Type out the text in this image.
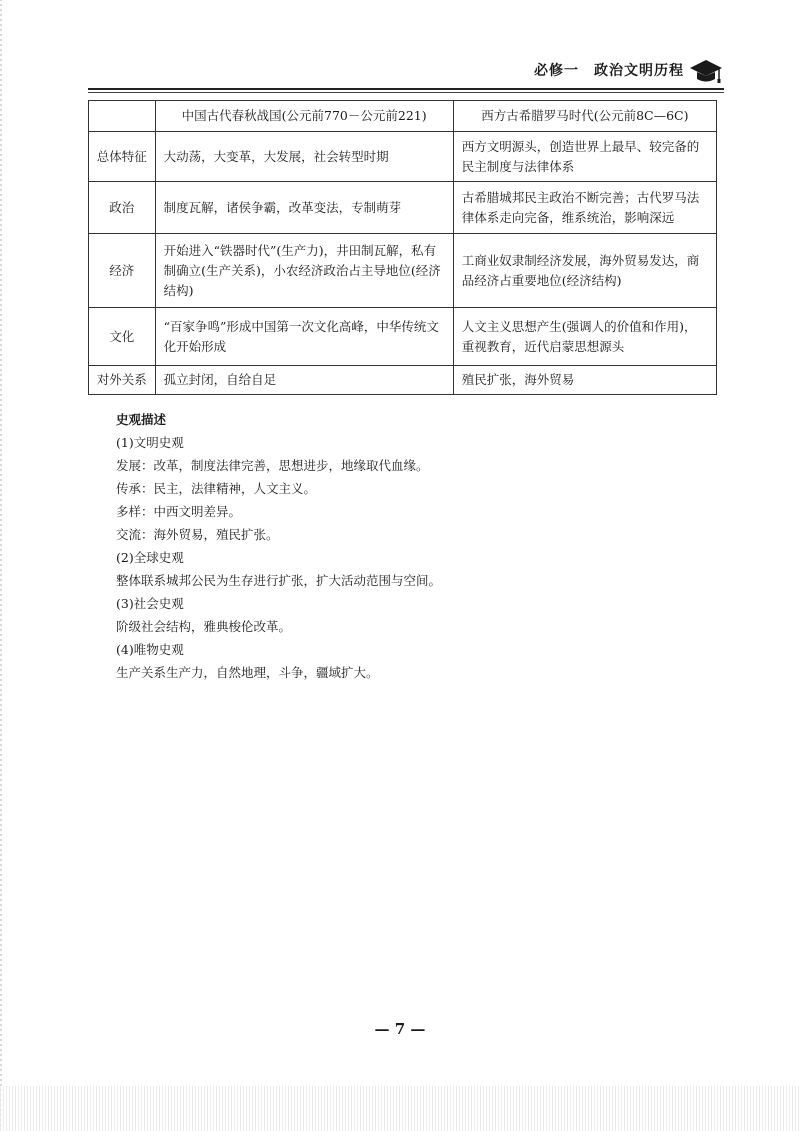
必修一　政治文明历程
	中国古代春秋战国(公元前770－公元前221)	西方古希腊罗马时代(公元前8C—6C)
总体特征	大动荡，大变革，大发展，社会转型时期	西方文明源头，创造世界上最早、较完备的民主制度与法律体系
政治	制度瓦解，诸侯争霸，改革变法，专制萌芽	古希腊城邦民主政治不断完善；古代罗马法律体系走向完备，维系统治，影响深远
经济	开始进入“铁器时代”(生产力)，井田制瓦解，私有制确立(生产关系)，小农经济政治占主导地位(经济结构)	工商业奴隶制经济发展，海外贸易发达，商品经济占重要地位(经济结构)
文化	“百家争鸣”形成中国第一次文化高峰，中华传统文化开始形成	人文主义思想产生(强调人的价值和作用)，重视教育，近代启蒙思想源头
对外关系	孤立封闭，自给自足	殖民扩张，海外贸易

史观描述

(1)文明史观

发展：改革，制度法律完善，思想进步，地缘取代血缘。

传承：民主，法律精神，人文主义。

多样：中西文明差异。

交流：海外贸易，殖民扩张。

(2)全球史观

整体联系城邦公民为生存进行扩张，扩大活动范围与空间。

(3)社会史观

阶级社会结构，雅典梭伦改革。

(4)唯物史观

生产关系生产力，自然地理，斗争，疆域扩大。

— 7 —
